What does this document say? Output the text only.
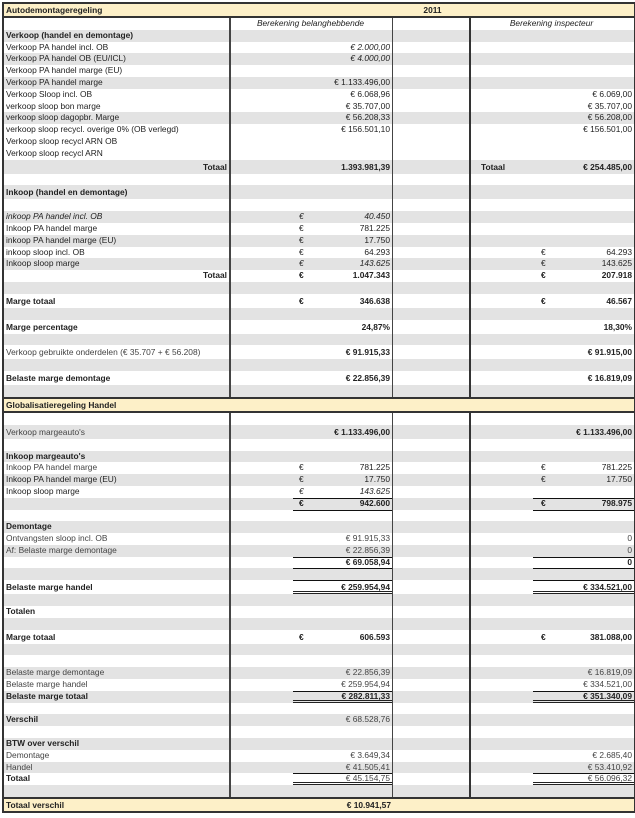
Autodemontageregeling	2011
Berekening belanghebbende	Berekening inspecteur
Verkoop (handel en demontage)
Verkoop PA handel incl. OB	€ 2.000,00
Verkoop PA handel OB (EU/ICL)	€ 4.000,00
Verkoop PA handel marge (EU)
Verkoop PA handel marge	€ 1.133.496,00
Verkoop Sloop incl. OB	€ 6.068,96	€ 6.069,00
verkoop sloop bon marge	€ 35.707,00	€ 35.707,00
verkoop sloop dagopbr. Marge	€ 56.208,33	€ 56.208,00
verkoop sloop recycl. overige 0% (OB verlegd)	€ 156.501,10	€ 156.501,00
Verkoop sloop recycl ARN OB
Verkoop sloop recycl ARN
Totaal	1.393.981,39	Totaal	€ 254.485,00
Inkoop (handel en demontage)
inkoop PA handel incl. OB	€	40.450
Inkoop PA handel marge	€	781.225
inkoop PA handel marge (EU)	€	17.750
inkoop sloop incl. OB	€	64.293	€	64.293
Inkoop sloop marge	€	143.625	€	143.625
Totaal	€	1.047.343	€	207.918
Marge totaal	€	346.638	€	46.567
Marge percentage	24,87%	18,30%
Verkoop gebruikte onderdelen (€ 35.707 + € 56.208)	€ 91.915,33	€ 91.915,00
Belaste marge demontage	€ 22.856,39	€ 16.819,09
Globalisatieregeling Handel
Verkoop margeauto's	€ 1.133.496,00	€ 1.133.496,00
Inkoop margeauto's
Inkoop PA handel marge	€	781.225	€	781.225
Inkoop PA handel marge (EU)	€	17.750	€	17.750
Inkoop sloop marge	€	143.625
€	942.600	€	798.975
Demontage
Ontvangsten sloop incl. OB	€ 91.915,33	0
Af: Belaste marge demontage	€ 22.856,39	0
€ 69.058,94	0
Belaste marge handel	€ 259.954,94	€ 334.521,00
Totalen
Marge totaal	€	606.593	€	381.088,00
Belaste marge demontage	€ 22.856,39	€ 16.819,09
Belaste marge handel	€ 259.954,94	€ 334.521,00
Belaste marge totaal	€ 282.811,33	€ 351.340,09
Verschil	€ 68.528,76
BTW over verschil
Demontage	€ 3.649,34	€ 2.685,40
Handel	€ 41.505,41	€ 53.410,92
Totaal	€ 45.154,75	€ 56.096,32
Totaal verschil	€ 10.941,57
